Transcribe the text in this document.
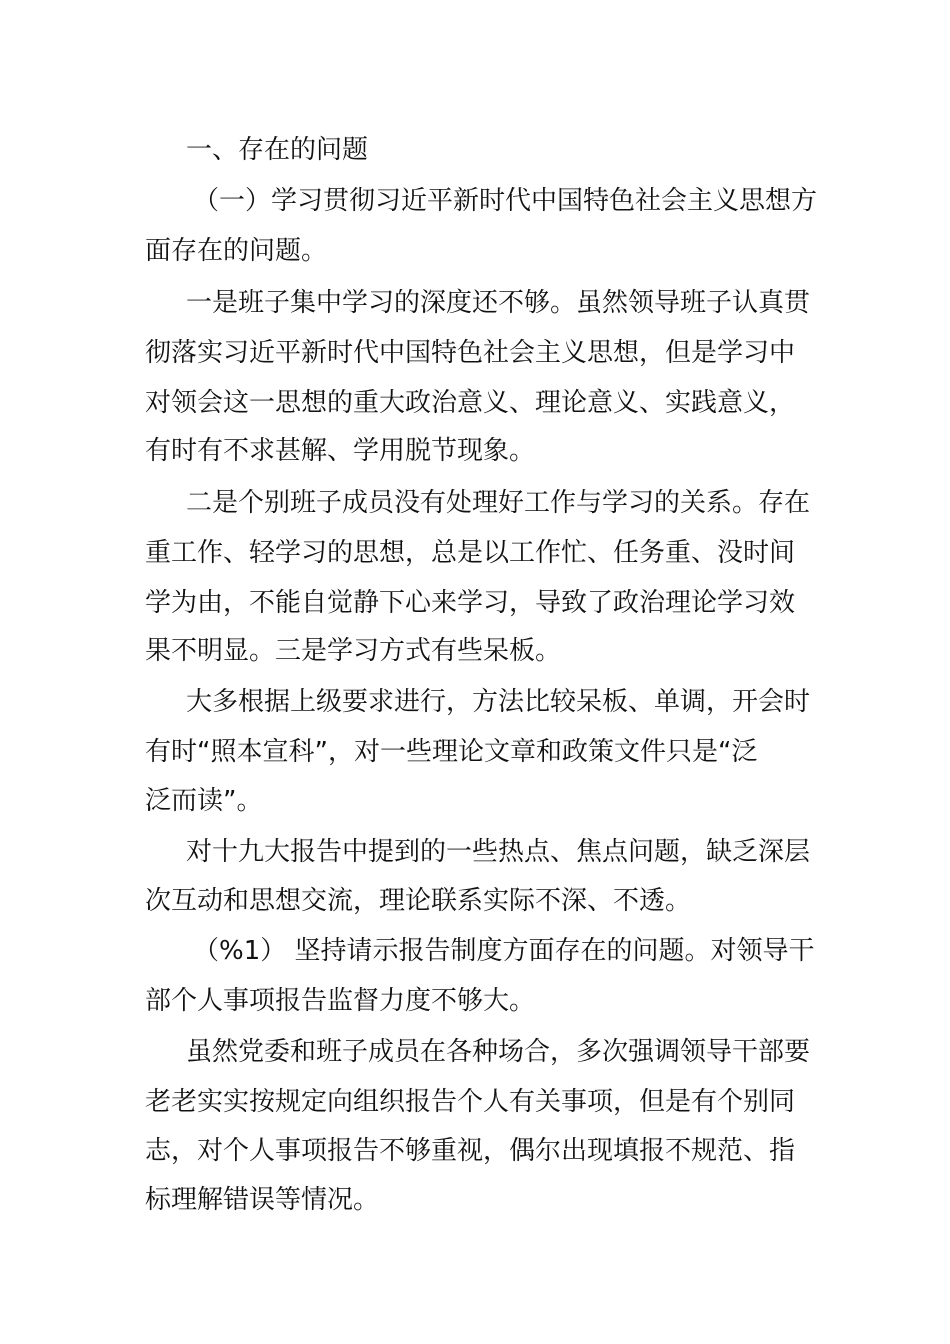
一、存在的问题
（一）学习贯彻习近平新时代中国特色社会主义思想方
面存在的问题。
一是班子集中学习的深度还不够。虽然领导班子认真贯
彻落实习近平新时代中国特色社会主义思想，但是学习中
对领会这一思想的重大政治意义、理论意义、实践意义，
有时有不求甚解、学用脱节现象。
二是个别班子成员没有处理好工作与学习的关系。存在
重工作、轻学习的思想，总是以工作忙、任务重、没时间
学为由，不能自觉静下心来学习，导致了政治理论学习效
果不明显。三是学习方式有些呆板。
大多根据上级要求进行，方法比较呆板、单调，开会时
有时“照本宣科”，对一些理论文章和政策文件只是“泛
泛而读”。
对十九大报告中提到的一些热点、焦点问题，缺乏深层
次互动和思想交流，理论联系实际不深、不透。
（%1） 坚持请示报告制度方面存在的问题。对领导干
部个人事项报告监督力度不够大。
虽然党委和班子成员在各种场合，多次强调领导干部要
老老实实按规定向组织报告个人有关事项，但是有个别同
志，对个人事项报告不够重视，偶尔出现填报不规范、指
标理解错误等情况。
